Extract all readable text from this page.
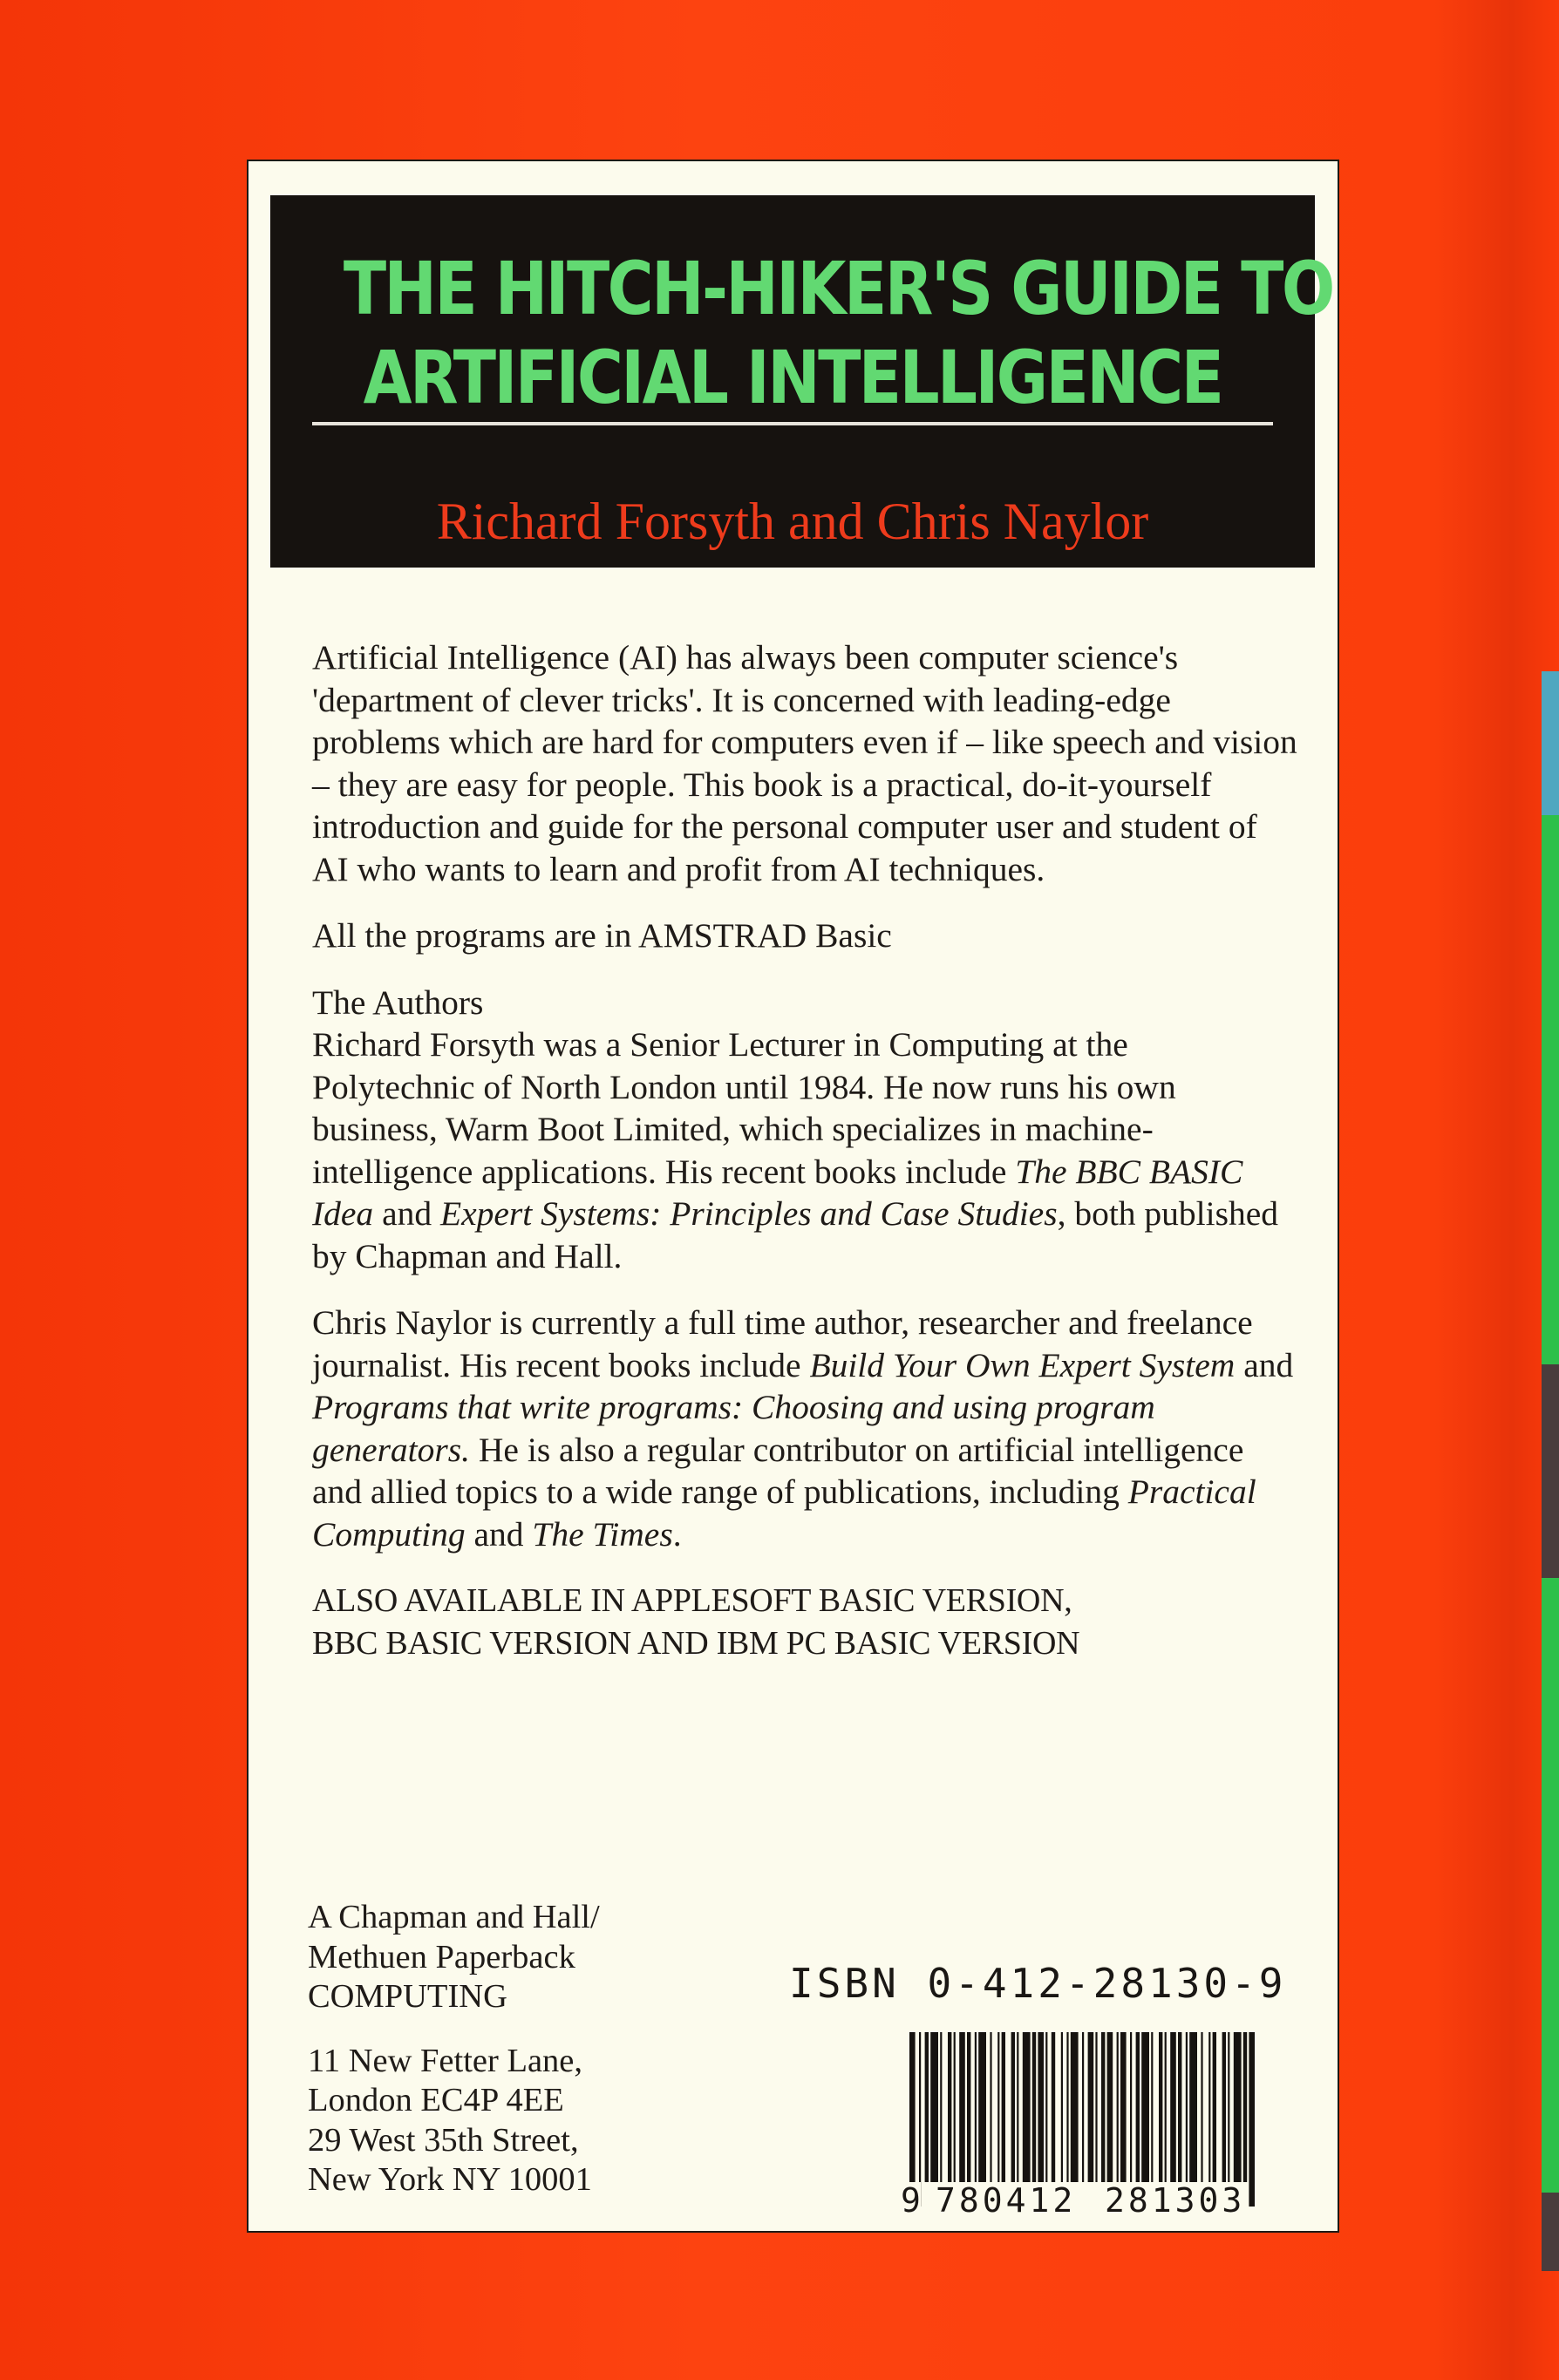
THE HITCH-HIKER'S GUIDE TO
ARTIFICIAL INTELLIGENCE
Richard Forsyth and Chris Naylor

Artificial Intelligence (AI) has always been computer science's 'department of clever tricks'. It is concerned with leading-edge problems which are hard for computers even if – like speech and vision – they are easy for people. This book is a practical, do-it-yourself introduction and guide for the personal computer user and student of AI who wants to learn and profit from AI techniques.

All the programs are in AMSTRAD Basic

The Authors
Richard Forsyth was a Senior Lecturer in Computing at the Polytechnic of North London until 1984. He now runs his own business, Warm Boot Limited, which specializes in machine-intelligence applications. His recent books include The BBC BASIC Idea and Expert Systems: Principles and Case Studies, both published by Chapman and Hall.

Chris Naylor is currently a full time author, researcher and freelance journalist. His recent books include Build Your Own Expert System and Programs that write programs: Choosing and using program generators. He is also a regular contributor on artificial intelligence and allied topics to a wide range of publications, including Practical Computing and The Times.

ALSO AVAILABLE IN APPLESOFT BASIC VERSION,
BBC BASIC VERSION AND IBM PC BASIC VERSION

A Chapman and Hall/
Methuen Paperback
COMPUTING

11 New Fetter Lane,
London EC4P 4EE
29 West 35th Street,
New York NY 10001

ISBN 0-412-28130-9
9 780412 281303
